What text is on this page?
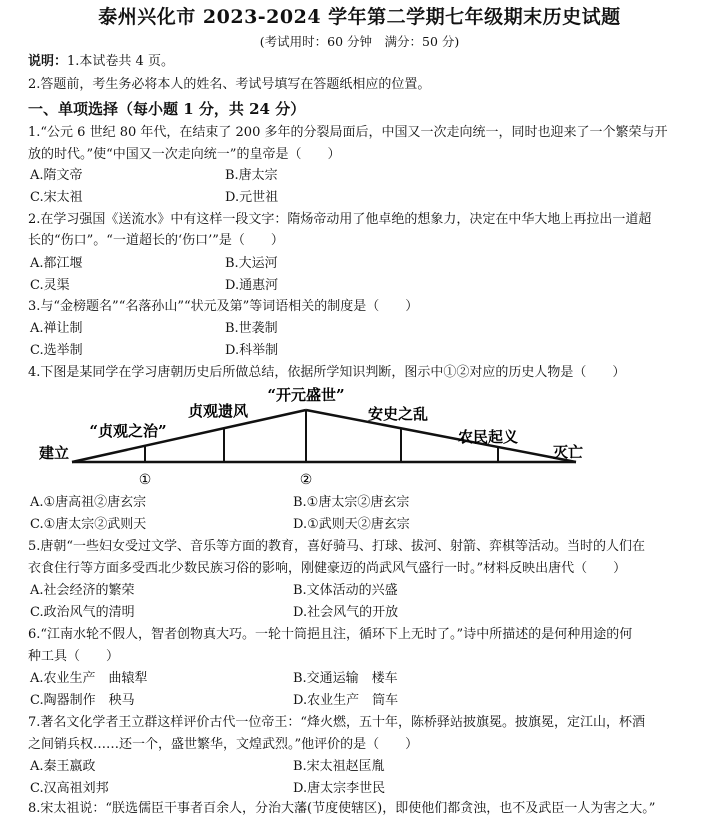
泰州兴化市 2023-2024 学年第二学期七年级期末历史试题
(考试用时：60 分钟　满分：50 分)
说明：1.本试卷共 4 页。
2.答题前，考生务必将本人的姓名、考试号填写在答题纸相应的位置。
一、单项选择（每小题 1 分，共 24 分）
1.“公元 6 世纪 80 年代，在结束了 200 多年的分裂局面后，中国又一次走向统一，同时也迎来了一个繁荣与开
放的时代。”使“中国又一次走向统一”的皇帝是（　　）
A.隋文帝	B.唐太宗
C.宋太祖	D.元世祖
2.在学习强国《送流水》中有这样一段文字：隋炀帝动用了他卓绝的想象力，决定在中华大地上再拉出一道超
长的“伤口”。“一道超长的‘伤口’”是（　　）
A.都江堰	B.大运河
C.灵渠	D.通惠河
3.与“金榜题名”“名落孙山”“状元及第”等词语相关的制度是（　　）
A.禅让制	B.世袭制
C.选举制	D.科举制
4.下图是某同学在学习唐朝历史后所做总结，依据所学知识判断，图示中①②对应的历史人物是（　　）
“开元盛世”
贞观遗风
“贞观之治”
安史之乱
农民起义
建立	灭亡
①	②
A.①唐高祖②唐玄宗	B.①唐太宗②唐玄宗
C.①唐太宗②武则天	D.①武则天②唐玄宗
5.唐朝“一些妇女受过文学、音乐等方面的教育，喜好骑马、打球、拔河、射箭、弈棋等活动。当时的人们在
衣食住行等方面多受西北少数民族习俗的影响，刚健豪迈的尚武风气盛行一时。”材料反映出唐代（　　）
A.社会经济的繁荣	B.文体活动的兴盛
C.政治风气的清明	D.社会风气的开放
6.“江南水轮不假人，智者创物真大巧。一轮十筒挹且注，循环下上无时了。”诗中所描述的是何种用途的何
种工具（　　）
A.农业生产　曲辕犁	B.交通运输　楼车
C.陶器制作　秧马	D.农业生产　筒车
7.著名文化学者王立群这样评价古代一位帝王：“烽火燃，五十年，陈桥驿站披旗冕。披旗冕，定江山，杯酒
之间销兵权……还一个，盛世繁华，文煌武烈。”他评价的是（　　）
A.秦王嬴政	B.宋太祖赵匡胤
C.汉高祖刘邦	D.唐太宗李世民
8.宋太祖说：“朕选儒臣干事者百余人，分治大藩(节度使辖区)，即使他们都贪浊，也不及武臣一人为害之大。”
